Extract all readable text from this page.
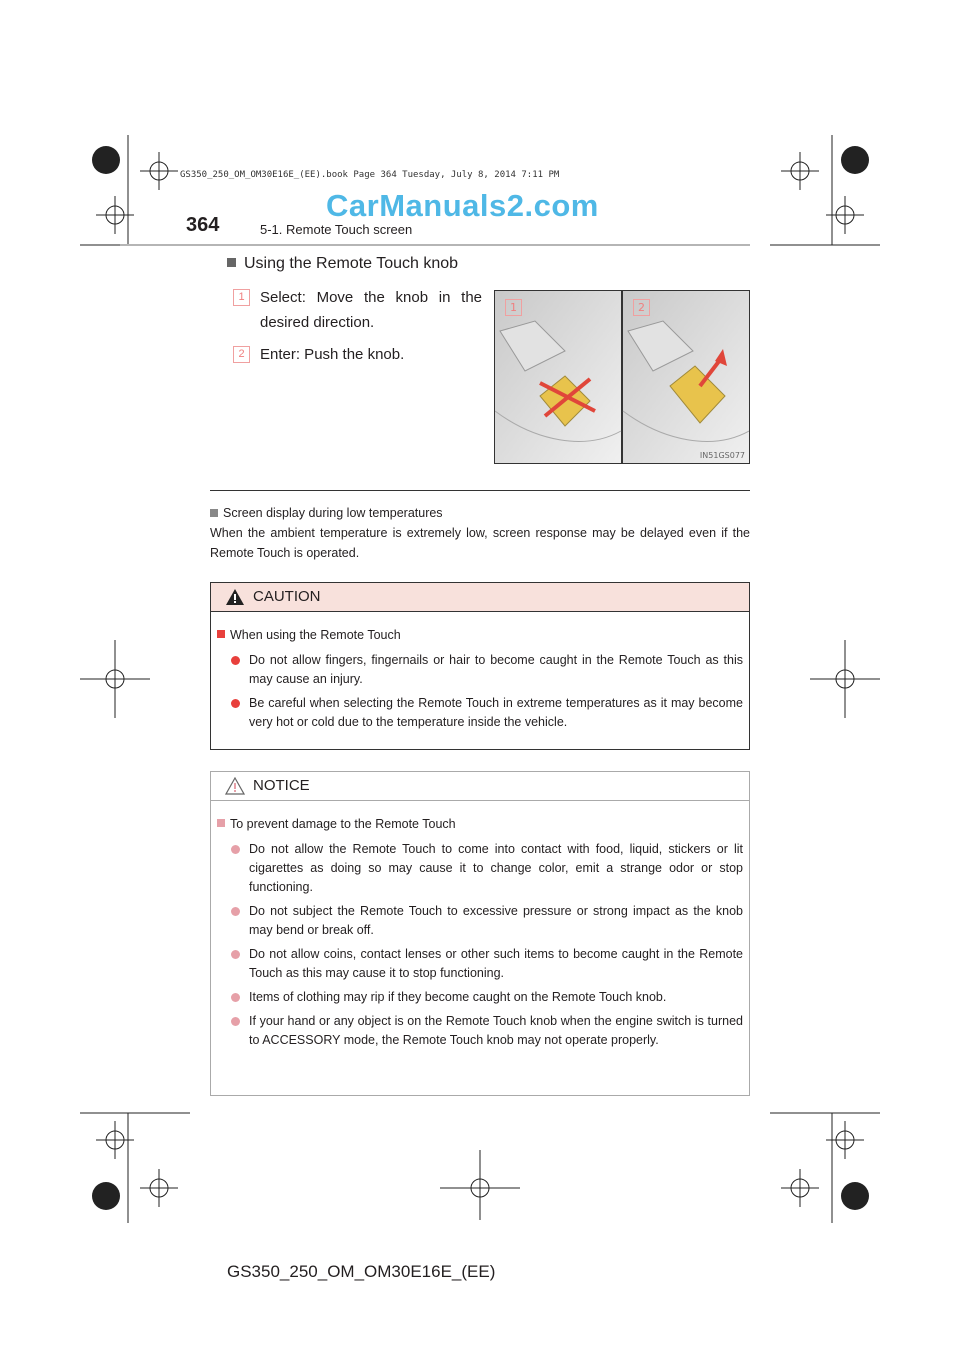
GS350_250_OM_OM30E16E_(EE).book Page 364 Tuesday, July 8, 2014 7:11 PM
CarManuals2.com
364	5-1. Remote Touch screen
Using the Remote Touch knob
1 Select: Move the knob in the desired direction.
2 Enter: Push the knob.
1	2
IN51GS077
Screen display during low temperatures
When the ambient temperature is extremely low, screen response may be delayed even if the Remote Touch is operated.
CAUTION
When using the Remote Touch
Do not allow fingers, fingernails or hair to become caught in the Remote Touch as this may cause an injury.
Be careful when selecting the Remote Touch in extreme temperatures as it may become very hot or cold due to the temperature inside the vehicle.
NOTICE
To prevent damage to the Remote Touch
Do not allow the Remote Touch to come into contact with food, liquid, stickers or lit cigarettes as doing so may cause it to change color, emit a strange odor or stop functioning.
Do not subject the Remote Touch to excessive pressure or strong impact as the knob may bend or break off.
Do not allow coins, contact lenses or other such items to become caught in the Remote Touch as this may cause it to stop functioning.
Items of clothing may rip if they become caught on the Remote Touch knob.
If your hand or any object is on the Remote Touch knob when the engine switch is turned to ACCESSORY mode, the Remote Touch knob may not operate properly.
GS350_250_OM_OM30E16E_(EE)
